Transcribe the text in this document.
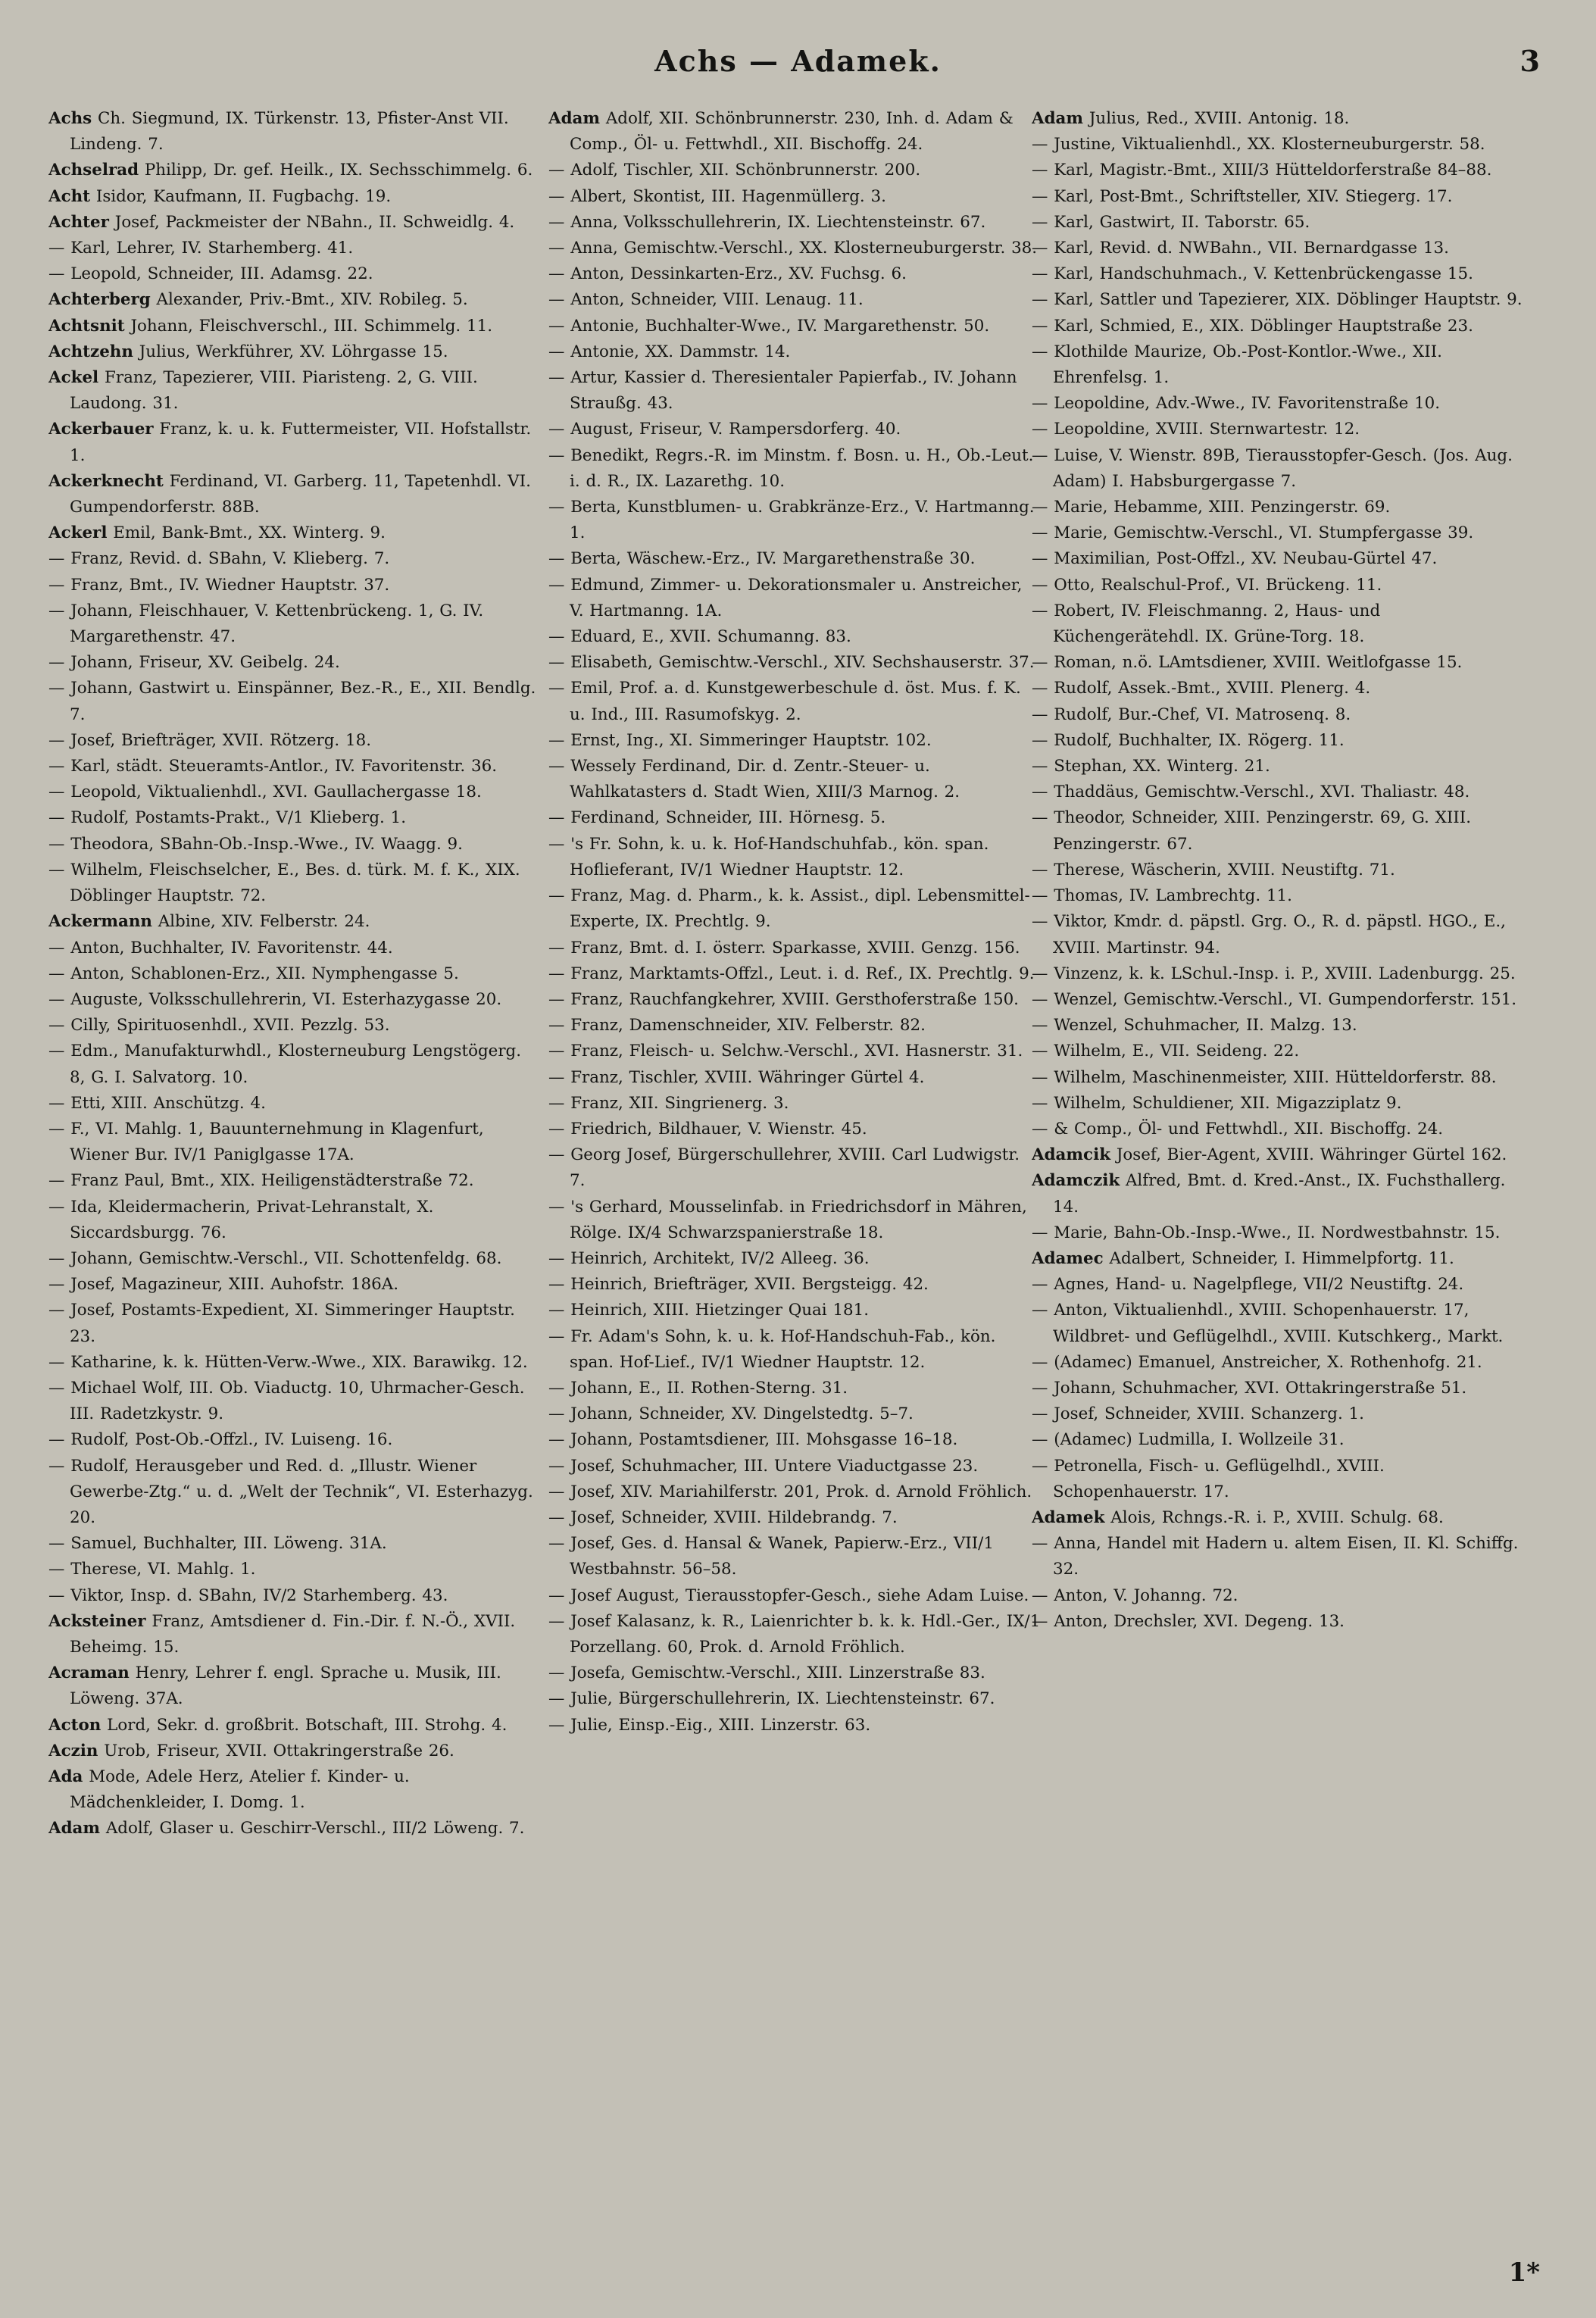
Achs — Adamek.	3
Achs Ch. Siegmund, IX. Türkenstr. 13, Pfister-Anst VII. Lindeng. 7.
Achselrad Philipp, Dr. gef. Heilk., IX. Sechsschimmelg. 6.
Acht Isidor, Kaufmann, II. Fugbachg. 19.
Achter Josef, Packmeister der NBahn., II. Schweidlg. 4.
— Karl, Lehrer, IV. Starhemberg. 41.
— Leopold, Schneider, III. Adamsg. 22.
Achterberg Alexander, Priv.-Bmt., XIV. Robileg. 5.
Achtsnit Johann, Fleischverschl., III. Schimmelg. 11.
Achtzehn Julius, Werkführer, XV. Löhrgasse 15.
Ackel Franz, Tapezierer, VIII. Piaristeng. 2, G. VIII. Laudong. 31.
Ackerbauer Franz, k. u. k. Futtermeister, VII. Hofstallstr. 1.
Ackerknecht Ferdinand, VI. Garberg. 11, Tapetenhdl. VI. Gumpendorferstr. 88B.
Ackerl Emil, Bank-Bmt., XX. Winterg. 9.
— Franz, Revid. d. SBahn, V. Klieberg. 7.
— Franz, Bmt., IV. Wiedner Hauptstr. 37.
— Johann, Fleischhauer, V. Kettenbrückeng. 1, G. IV. Margarethenstr. 47.
— Johann, Friseur, XV. Geibelg. 24.
— Johann, Gastwirt u. Einspänner, Bez.-R., E., XII. Bendlg. 7.
— Josef, Briefträger, XVII. Rötzerg. 18.
— Karl, städt. Steueramts-Antlor., IV. Favoritenstr. 36.
— Leopold, Viktualienhdl., XVI. Gaullachergasse 18.
— Rudolf, Postamts-Prakt., V/1 Klieberg. 1.
— Theodora, SBahn-Ob.-Insp.-Wwe., IV. Waagg. 9.
— Wilhelm, Fleischselcher, E., Bes. d. türk. M. f. K., XIX. Döblinger Hauptstr. 72.
Ackermann Albine, XIV. Felberstr. 24.
— Anton, Buchhalter, IV. Favoritenstr. 44.
— Anton, Schablonen-Erz., XII. Nymphengasse 5.
— Auguste, Volksschullehrerin, VI. Esterhazygasse 20.
— Cilly, Spirituosenhdl., XVII. Pezzlg. 53.
— Edm., Manufakturwhdl., Klosterneuburg Lengstögerg. 8, G. I. Salvatorg. 10.
— Etti, XIII. Anschützg. 4.
— F., VI. Mahlg. 1, Bauunternehmung in Klagenfurt, Wiener Bur. IV/1 Paniglgasse 17A.
— Franz Paul, Bmt., XIX. Heiligenstädterstraße 72.
— Ida, Kleidermacherin, Privat-Lehranstalt, X. Siccardsburgg. 76.
— Johann, Gemischtw.-Verschl., VII. Schottenfeldg. 68.
— Josef, Magazineur, XIII. Auhofstr. 186A.
— Josef, Postamts-Expedient, XI. Simmeringer Hauptstr. 23.
— Katharine, k. k. Hütten-Verw.-Wwe., XIX. Barawikg. 12.
— Michael Wolf, III. Ob. Viaductg. 10, Uhrmacher-Gesch. III. Radetzkystr. 9.
— Rudolf, Post-Ob.-Offzl., IV. Luiseng. 16.
— Rudolf, Herausgeber und Red. d. „Illustr. Wiener Gewerbe-Ztg.“ u. d. „Welt der Technik“, VI. Esterhazyg. 20.
— Samuel, Buchhalter, III. Löweng. 31A.
— Therese, VI. Mahlg. 1.
— Viktor, Insp. d. SBahn, IV/2 Starhemberg. 43.
Acksteiner Franz, Amtsdiener d. Fin.-Dir. f. N.-Ö., XVII. Beheimg. 15.
Acraman Henry, Lehrer f. engl. Sprache u. Musik, III. Löweng. 37A.
Acton Lord, Sekr. d. großbrit. Botschaft, III. Strohg. 4.
Aczin Urob, Friseur, XVII. Ottakringerstraße 26.
Ada Mode, Adele Herz, Atelier f. Kinder- u. Mädchenkleider, I. Domg. 1.
Adam Adolf, Glaser u. Geschirr-Verschl., III/2 Löweng. 7.
Adam Adolf, XII. Schönbrunnerstr. 230, Inh. d. Adam & Comp., Öl- u. Fettwhdl., XII. Bischoffg. 24.
— Adolf, Tischler, XII. Schönbrunnerstr. 200.
— Albert, Skontist, III. Hagenmüllerg. 3.
— Anna, Volksschullehrerin, IX. Liechtensteinstr. 67.
— Anna, Gemischtw.-Verschl., XX. Klosterneuburgerstr. 38.
— Anton, Dessinkarten-Erz., XV. Fuchsg. 6.
— Anton, Schneider, VIII. Lenaug. 11.
— Antonie, Buchhalter-Wwe., IV. Margarethenstr. 50.
— Antonie, XX. Dammstr. 14.
— Artur, Kassier d. Theresientaler Papierfab., IV. Johann Straußg. 43.
— August, Friseur, V. Rampersdorferg. 40.
— Benedikt, Regrs.-R. im Minstm. f. Bosn. u. H., Ob.-Leut. i. d. R., IX. Lazarethg. 10.
— Berta, Kunstblumen- u. Grabkränze-Erz., V. Hartmanng. 1.
— Berta, Wäschew.-Erz., IV. Margarethenstraße 30.
— Edmund, Zimmer- u. Dekorationsmaler u. Anstreicher, V. Hartmanng. 1A.
— Eduard, E., XVII. Schumanng. 83.
— Elisabeth, Gemischtw.-Verschl., XIV. Sechshauserstr. 37.
— Emil, Prof. a. d. Kunstgewerbeschule d. öst. Mus. f. K. u. Ind., III. Rasumofskyg. 2.
— Ernst, Ing., XI. Simmeringer Hauptstr. 102.
— Wessely Ferdinand, Dir. d. Zentr.-Steuer- u. Wahlkatasters d. Stadt Wien, XIII/3 Marnog. 2.
— Ferdinand, Schneider, III. Hörnesg. 5.
— 's Fr. Sohn, k. u. k. Hof-Handschuhfab., kön. span. Hoflieferant, IV/1 Wiedner Hauptstr. 12.
— Franz, Mag. d. Pharm., k. k. Assist., dipl. Lebensmittel-Experte, IX. Prechtlg. 9.
— Franz, Bmt. d. I. österr. Sparkasse, XVIII. Genzg. 156.
— Franz, Marktamts-Offzl., Leut. i. d. Ref., IX. Prechtlg. 9.
— Franz, Rauchfangkehrer, XVIII. Gersthoferstraße 150.
— Franz, Damenschneider, XIV. Felberstr. 82.
— Franz, Fleisch- u. Selchw.-Verschl., XVI. Hasnerstr. 31.
— Franz, Tischler, XVIII. Währinger Gürtel 4.
— Franz, XII. Singrienerg. 3.
— Friedrich, Bildhauer, V. Wienstr. 45.
— Georg Josef, Bürgerschullehrer, XVIII. Carl Ludwigstr. 7.
— 's Gerhard, Mousselinfab. in Friedrichsdorf in Mähren, Rölge. IX/4 Schwarzspanierstraße 18.
— Heinrich, Architekt, IV/2 Alleeg. 36.
— Heinrich, Briefträger, XVII. Bergsteigg. 42.
— Heinrich, XIII. Hietzinger Quai 181.
— Fr. Adam's Sohn, k. u. k. Hof-Handschuh-Fab., kön. span. Hof-Lief., IV/1 Wiedner Hauptstr. 12.
— Johann, E., II. Rothen-Sterng. 31.
— Johann, Schneider, XV. Dingelstedtg. 5–7.
— Johann, Postamtsdiener, III. Mohsgasse 16–18.
— Josef, Schuhmacher, III. Untere Viaductgasse 23.
— Josef, XIV. Mariahilferstr. 201, Prok. d. Arnold Fröhlich.
— Josef, Schneider, XVIII. Hildebrandg. 7.
— Josef, Ges. d. Hansal & Wanek, Papierw.-Erz., VII/1 Westbahnstr. 56–58.
— Josef August, Tierausstopfer-Gesch., siehe Adam Luise.
— Josef Kalasanz, k. R., Laienrichter b. k. k. Hdl.-Ger., IX/1 Porzellang. 60, Prok. d. Arnold Fröhlich.
— Josefa, Gemischtw.-Verschl., XIII. Linzerstraße 83.
— Julie, Bürgerschullehrerin, IX. Liechtensteinstr. 67.
— Julie, Einsp.-Eig., XIII. Linzerstr. 63.
Adam Julius, Red., XVIII. Antonig. 18.
— Justine, Viktualienhdl., XX. Klosterneuburgerstr. 58.
— Karl, Magistr.-Bmt., XIII/3 Hütteldorferstraße 84–88.
— Karl, Post-Bmt., Schriftsteller, XIV. Stiegerg. 17.
— Karl, Gastwirt, II. Taborstr. 65.
— Karl, Revid. d. NWBahn., VII. Bernardgasse 13.
— Karl, Handschuhmach., V. Kettenbrückengasse 15.
— Karl, Sattler und Tapezierer, XIX. Döblinger Hauptstr. 9.
— Karl, Schmied, E., XIX. Döblinger Hauptstraße 23.
— Klothilde Maurize, Ob.-Post-Kontlor.-Wwe., XII. Ehrenfelsg. 1.
— Leopoldine, Adv.-Wwe., IV. Favoritenstraße 10.
— Leopoldine, XVIII. Sternwartestr. 12.
— Luise, V. Wienstr. 89B, Tierausstopfer-Gesch. (Jos. Aug. Adam) I. Habsburgergasse 7.
— Marie, Hebamme, XIII. Penzingerstr. 69.
— Marie, Gemischtw.-Verschl., VI. Stumpfergasse 39.
— Maximilian, Post-Offzl., XV. Neubau-Gürtel 47.
— Otto, Realschul-Prof., VI. Brückeng. 11.
— Robert, IV. Fleischmanng. 2, Haus- und Küchengerätehdl. IX. Grüne-Torg. 18.
— Roman, n.ö. LAmtsdiener, XVIII. Weitlofgasse 15.
— Rudolf, Assek.-Bmt., XVIII. Plenerg. 4.
— Rudolf, Bur.-Chef, VI. Matrosenq. 8.
— Rudolf, Buchhalter, IX. Rögerg. 11.
— Stephan, XX. Winterg. 21.
— Thaddäus, Gemischtw.-Verschl., XVI. Thaliastr. 48.
— Theodor, Schneider, XIII. Penzingerstr. 69, G. XIII. Penzingerstr. 67.
— Therese, Wäscherin, XVIII. Neustiftg. 71.
— Thomas, IV. Lambrechtg. 11.
— Viktor, Kmdr. d. päpstl. Grg. O., R. d. päpstl. HGO., E., XVIII. Martinstr. 94.
— Vinzenz, k. k. LSchul.-Insp. i. P., XVIII. Ladenburgg. 25.
— Wenzel, Gemischtw.-Verschl., VI. Gumpendorferstr. 151.
— Wenzel, Schuhmacher, II. Malzg. 13.
— Wilhelm, E., VII. Seideng. 22.
— Wilhelm, Maschinenmeister, XIII. Hütteldorferstr. 88.
— Wilhelm, Schuldiener, XII. Migazziplatz 9.
— & Comp., Öl- und Fettwhdl., XII. Bischoffg. 24.
Adamcik Josef, Bier-Agent, XVIII. Währinger Gürtel 162.
Adamczik Alfred, Bmt. d. Kred.-Anst., IX. Fuchsthallerg. 14.
— Marie, Bahn-Ob.-Insp.-Wwe., II. Nordwestbahnstr. 15.
Adamec Adalbert, Schneider, I. Himmelpfortg. 11.
— Agnes, Hand- u. Nagelpflege, VII/2 Neustiftg. 24.
— Anton, Viktualienhdl., XVIII. Schopenhauerstr. 17, Wildbret- und Geflügelhdl., XVIII. Kutschkerg., Markt.
— (Adamec) Emanuel, Anstreicher, X. Rothenhofg. 21.
— Johann, Schuhmacher, XVI. Ottakringerstraße 51.
— Josef, Schneider, XVIII. Schanzerg. 1.
— (Adamec) Ludmilla, I. Wollzeile 31.
— Petronella, Fisch- u. Geflügelhdl., XVIII. Schopenhauerstr. 17.
Adamek Alois, Rchngs.-R. i. P., XVIII. Schulg. 68.
— Anna, Handel mit Hadern u. altem Eisen, II. Kl. Schiffg. 32.
— Anton, V. Johanng. 72.
— Anton, Drechsler, XVI. Degeng. 13.
1*
